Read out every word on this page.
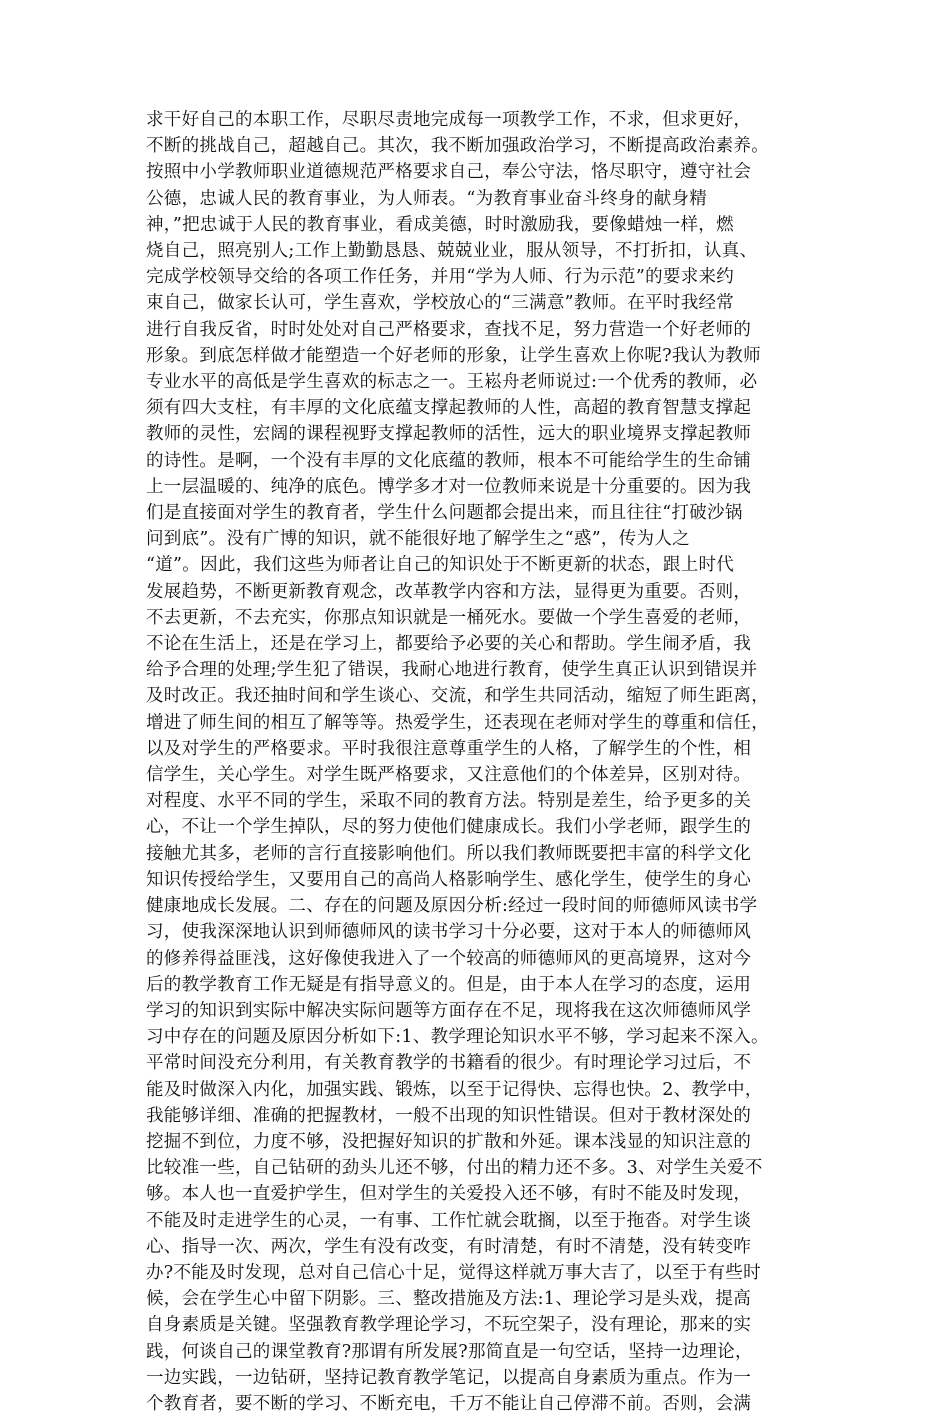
求干好自己的本职工作，尽职尽责地完成每一项教学工作，不求，但求更好，
不断的挑战自己，超越自己。其次，我不断加强政治学习，不断提高政治素养。
按照中小学教师职业道德规范严格要求自己，奉公守法，恪尽职守，遵守社会
公德，忠诚人民的教育事业，为人师表。“为教育事业奋斗终身的献身精
神，”把忠诚于人民的教育事业，看成美德，时时激励我，要像蜡烛一样，燃
烧自己，照亮别人;工作上勤勤恳恳、兢兢业业，服从领导，不打折扣，认真、
完成学校领导交给的各项工作任务，并用“学为人师、行为示范”的要求来约
束自己，做家长认可，学生喜欢，学校放心的“三满意”教师。在平时我经常
进行自我反省，时时处处对自己严格要求，查找不足，努力营造一个好老师的
形象。到底怎样做才能塑造一个好老师的形象，让学生喜欢上你呢?我认为教师
专业水平的高低是学生喜欢的标志之一。王崧舟老师说过:一个优秀的教师，必
须有四大支柱，有丰厚的文化底蕴支撑起教师的人性，高超的教育智慧支撑起
教师的灵性，宏阔的课程视野支撑起教师的活性，远大的职业境界支撑起教师
的诗性。是啊，一个没有丰厚的文化底蕴的教师，根本不可能给学生的生命铺
上一层温暖的、纯净的底色。博学多才对一位教师来说是十分重要的。因为我
们是直接面对学生的教育者，学生什么问题都会提出来，而且往往“打破沙锅
问到底”。没有广博的知识，就不能很好地了解学生之“惑”，传为人之
“道”。因此，我们这些为师者让自己的知识处于不断更新的状态，跟上时代
发展趋势，不断更新教育观念，改革教学内容和方法，显得更为重要。否则，
不去更新，不去充实，你那点知识就是一桶死水。要做一个学生喜爱的老师，
不论在生活上，还是在学习上，都要给予必要的关心和帮助。学生闹矛盾，我
给予合理的处理;学生犯了错误，我耐心地进行教育，使学生真正认识到错误并
及时改正。我还抽时间和学生谈心、交流，和学生共同活动，缩短了师生距离，
增进了师生间的相互了解等等。热爱学生，还表现在老师对学生的尊重和信任，
以及对学生的严格要求。平时我很注意尊重学生的人格，了解学生的个性，相
信学生，关心学生。对学生既严格要求，又注意他们的个体差异，区别对待。
对程度、水平不同的学生，采取不同的教育方法。特别是差生，给予更多的关
心，不让一个学生掉队，尽的努力使他们健康成长。我们小学老师，跟学生的
接触尤其多，老师的言行直接影响他们。所以我们教师既要把丰富的科学文化
知识传授给学生，又要用自己的高尚人格影响学生、感化学生，使学生的身心
健康地成长发展。二、存在的问题及原因分析:经过一段时间的师德师风读书学
习，使我深深地认识到师德师风的读书学习十分必要，这对于本人的师德师风
的修养得益匪浅，这好像使我进入了一个较高的师德师风的更高境界，这对今
后的教学教育工作无疑是有指导意义的。但是，由于本人在学习的态度，运用
学习的知识到实际中解决实际问题等方面存在不足，现将我在这次师德师风学
习中存在的问题及原因分析如下:1、教学理论知识水平不够，学习起来不深入。
平常时间没充分利用，有关教育教学的书籍看的很少。有时理论学习过后，不
能及时做深入内化，加强实践、锻炼，以至于记得快、忘得也快。2、教学中，
我能够详细、准确的把握教材，一般不出现的知识性错误。但对于教材深处的
挖掘不到位，力度不够，没把握好知识的扩散和外延。课本浅显的知识注意的
比较准一些，自己钻研的劲头儿还不够，付出的精力还不多。3、对学生关爱不
够。本人也一直爱护学生，但对学生的关爱投入还不够，有时不能及时发现，
不能及时走进学生的心灵，一有事、工作忙就会耽搁，以至于拖沓。对学生谈
心、指导一次、两次，学生有没有改变，有时清楚，有时不清楚，没有转变咋
办?不能及时发现，总对自己信心十足，觉得这样就万事大吉了，以至于有些时
候，会在学生心中留下阴影。三、整改措施及方法:1、理论学习是头戏，提高
自身素质是关键。坚强教育教学理论学习，不玩空架子，没有理论，那来的实
践，何谈自己的课堂教育?那谓有所发展?那简直是一句空话，坚持一边理论，
一边实践，一边钻研，坚持记教育教学笔记，以提高自身素质为重点。作为一
个教育者，要不断的学习、不断充电，千万不能让自己停滞不前。否则，会满
